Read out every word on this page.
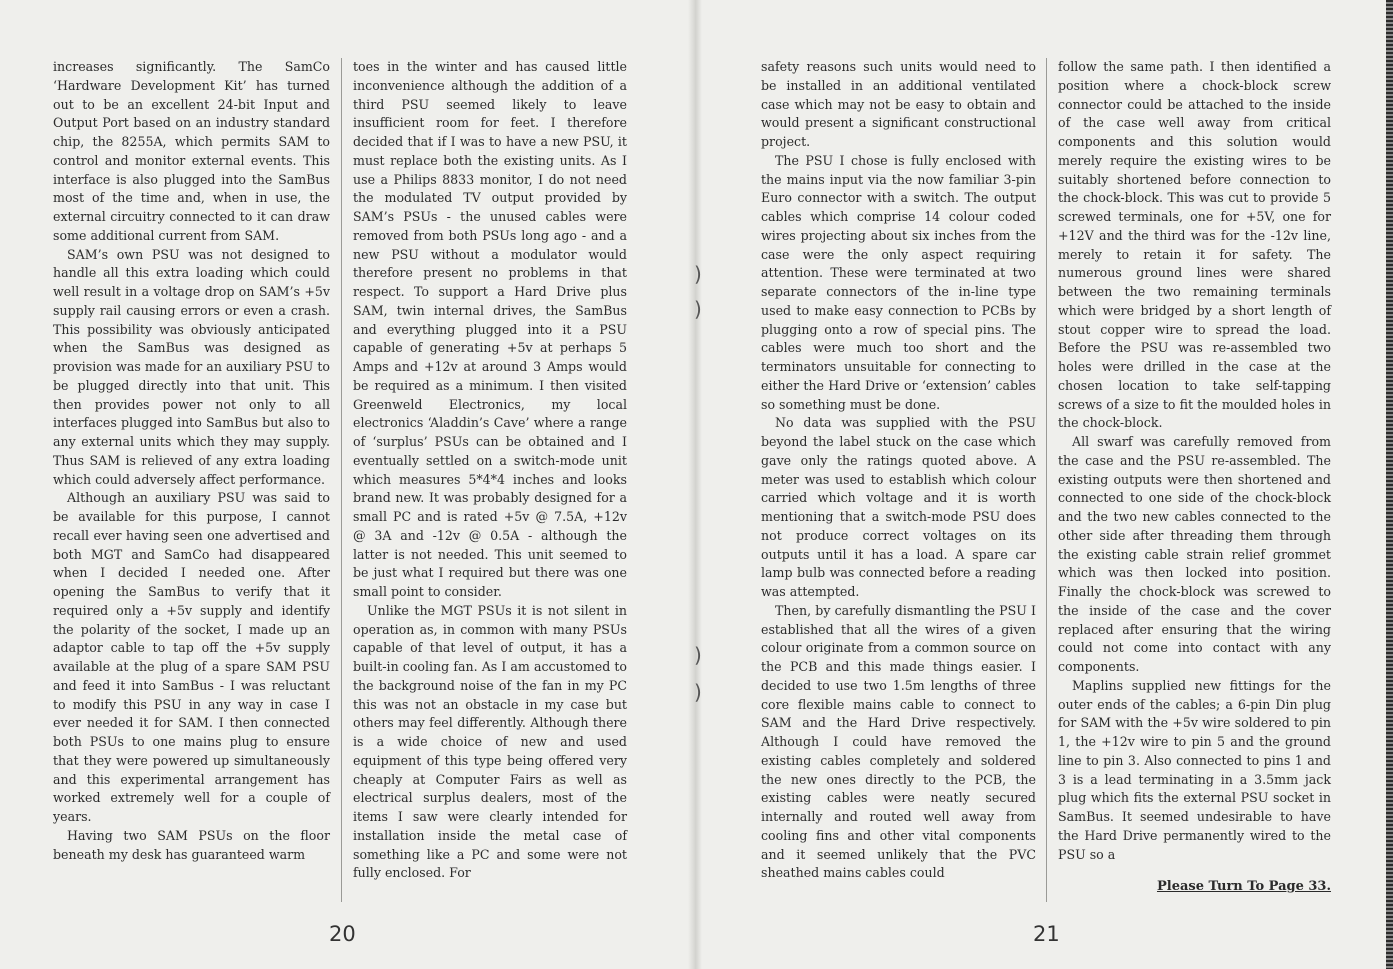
increases significantly. The SamCo ‘Hardware Development Kit’ has turned out to be an excellent 24-bit Input and Output Port based on an industry standard chip, the 8255A, which permits SAM to control and monitor external events. This interface is also plugged into the SamBus most of the time and, when in use, the external circuitry connected to it can draw some additional current from SAM.

SAM’s own PSU was not designed to handle all this extra loading which could well result in a voltage drop on SAM’s +5v supply rail causing errors or even a crash. This possibility was obviously anticipated when the SamBus was designed as provision was made for an auxiliary PSU to be plugged directly into that unit. This then provides power not only to all interfaces plugged into SamBus but also to any external units which they may supply. Thus SAM is relieved of any extra loading which could adversely affect performance.

Although an auxiliary PSU was said to be available for this purpose, I cannot recall ever having seen one advertised and both MGT and SamCo had disappeared when I decided I needed one. After opening the SamBus to verify that it required only a +5v supply and identify the polarity of the socket, I made up an adaptor cable to tap off the +5v supply available at the plug of a spare SAM PSU and feed it into SamBus - I was reluctant to modify this PSU in any way in case I ever needed it for SAM. I then connected both PSUs to one mains plug to ensure that they were powered up simultaneously and this experimental arrangement has worked extremely well for a couple of years.

Having two SAM PSUs on the floor beneath my desk has guaranteed warm

toes in the winter and has caused little inconvenience although the addition of a third PSU seemed likely to leave insufficient room for feet. I therefore decided that if I was to have a new PSU, it must replace both the existing units. As I use a Philips 8833 monitor, I do not need the modulated TV output provided by SAM’s PSUs - the unused cables were removed from both PSUs long ago - and a new PSU without a modulator would therefore present no problems in that respect. To support a Hard Drive plus SAM, twin internal drives, the SamBus and everything plugged into it a PSU capable of generating +5v at perhaps 5 Amps and +12v at around 3 Amps would be required as a minimum. I then visited Greenweld Electronics, my local electronics ‘Aladdin’s Cave’ where a range of ‘surplus’ PSUs can be obtained and I eventually settled on a switch-mode unit which measures 5*4*4 inches and looks brand new. It was probably designed for a small PC and is rated +5v @ 7.5A, +12v @ 3A and -12v @ 0.5A - although the latter is not needed. This unit seemed to be just what I required but there was one small point to consider.

Unlike the MGT PSUs it is not silent in operation as, in common with many PSUs capable of that level of output, it has a built-in cooling fan. As I am accustomed to the background noise of the fan in my PC this was not an obstacle in my case but others may feel differently. Although there is a wide choice of new and used equipment of this type being offered very cheaply at Computer Fairs as well as electrical surplus dealers, most of the items I saw were clearly intended for installation inside the metal case of something like a PC and some were not fully enclosed. For

20

safety reasons such units would need to be installed in an additional ventilated case which may not be easy to obtain and would present a significant constructional project.

The PSU I chose is fully enclosed with the mains input via the now familiar 3-pin Euro connector with a switch. The output cables which comprise 14 colour coded wires projecting about six inches from the case were the only aspect requiring attention. These were terminated at two separate connectors of the in-line type used to make easy connection to PCBs by plugging onto a row of special pins. The cables were much too short and the terminators unsuitable for connecting to either the Hard Drive or ‘extension’ cables so something must be done.

No data was supplied with the PSU beyond the label stuck on the case which gave only the ratings quoted above. A meter was used to establish which colour carried which voltage and it is worth mentioning that a switch-mode PSU does not produce correct voltages on its outputs until it has a load. A spare car lamp bulb was connected before a reading was attempted.

Then, by carefully dismantling the PSU I established that all the wires of a given colour originate from a common source on the PCB and this made things easier. I decided to use two 1.5m lengths of three core flexible mains cable to connect to SAM and the Hard Drive respectively. Although I could have removed the existing cables completely and soldered the new ones directly to the PCB, the existing cables were neatly secured internally and routed well away from cooling fins and other vital components and it seemed unlikely that the PVC sheathed mains cables could

follow the same path. I then identified a position where a chock-block screw connector could be attached to the inside of the case well away from critical components and this solution would merely require the existing wires to be suitably shortened before connection to the chock-block. This was cut to provide 5 screwed terminals, one for +5V, one for +12V and the third was for the -12v line, merely to retain it for safety. The numerous ground lines were shared between the two remaining terminals which were bridged by a short length of stout copper wire to spread the load. Before the PSU was re-assembled two holes were drilled in the case at the chosen location to take self-tapping screws of a size to fit the moulded holes in the chock-block.

All swarf was carefully removed from the case and the PSU re-assembled. The existing outputs were then shortened and connected to one side of the chock-block and the two new cables connected to the other side after threading them through the existing cable strain relief grommet which was then locked into position. Finally the chock-block was screwed to the inside of the case and the cover replaced after ensuring that the wiring could not come into contact with any components.

Maplins supplied new fittings for the outer ends of the cables; a 6-pin Din plug for SAM with the +5v wire soldered to pin 1, the +12v wire to pin 5 and the ground line to pin 3. Also connected to pins 1 and 3 is a lead terminating in a 3.5mm jack plug which fits the external PSU socket in SamBus. It seemed undesirable to have the Hard Drive permanently wired to the PSU so a

Please Turn To Page 33.
21
)
)
)
)
